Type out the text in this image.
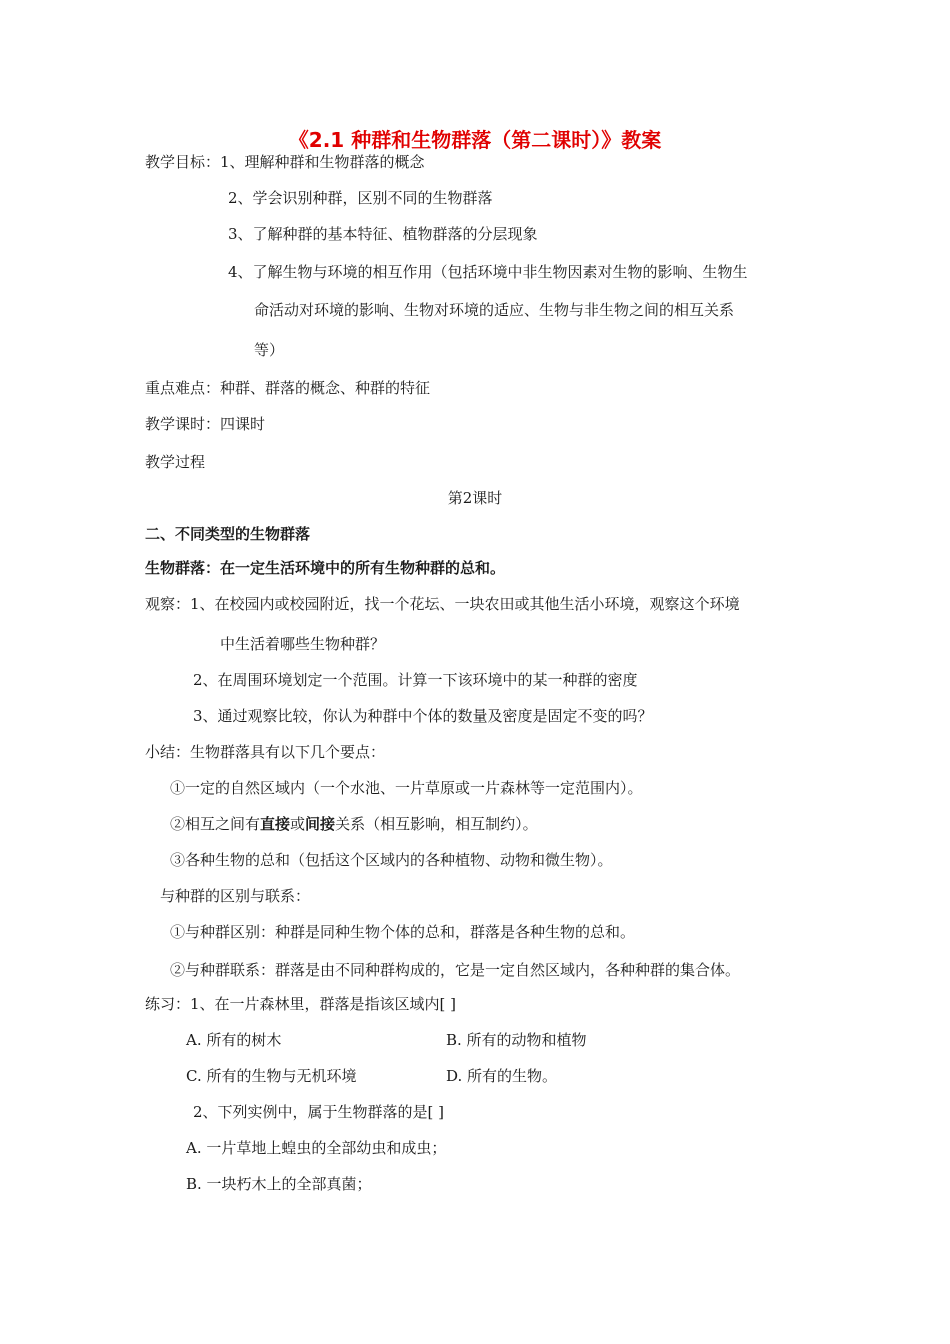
《2.1 种群和生物群落（第二课时）》教案
教学目标：1、理解种群和生物群落的概念
2、学会识别种群，区别不同的生物群落
3、了解种群的基本特征、植物群落的分层现象
4、了解生物与环境的相互作用（包括环境中非生物因素对生物的影响、生物生
命活动对环境的影响、生物对环境的适应、生物与非生物之间的相互关系
等）
重点难点：种群、群落的概念、种群的特征
教学课时：四课时
教学过程
第2课时
二、不同类型的生物群落
生物群落：在一定生活环境中的所有生物种群的总和。
观察：1、在校园内或校园附近，找一个花坛、一块农田或其他生活小环境，观察这个环境
中生活着哪些生物种群？
2、在周围环境划定一个范围。计算一下该环境中的某一种群的密度
3、通过观察比较，你认为种群中个体的数量及密度是固定不变的吗？
小结：生物群落具有以下几个要点：
①一定的自然区域内（一个水池、一片草原或一片森林等一定范围内）。
②相互之间有直接或间接关系（相互影响，相互制约）。
③各种生物的总和（包括这个区域内的各种植物、动物和微生物）。
与种群的区别与联系：
①与种群区别：种群是同种生物个体的总和，群落是各种生物的总和。
②与种群联系：群落是由不同种群构成的，它是一定自然区域内，各种种群的集合体。
练习：1、在一片森林里，群落是指该区域内[ ]
A. 所有的树木	B. 所有的动物和植物
C. 所有的生物与无机环境	D. 所有的生物。
2、下列实例中，属于生物群落的是[ ]
A. 一片草地上蝗虫的全部幼虫和成虫；
B. 一块朽木上的全部真菌；
